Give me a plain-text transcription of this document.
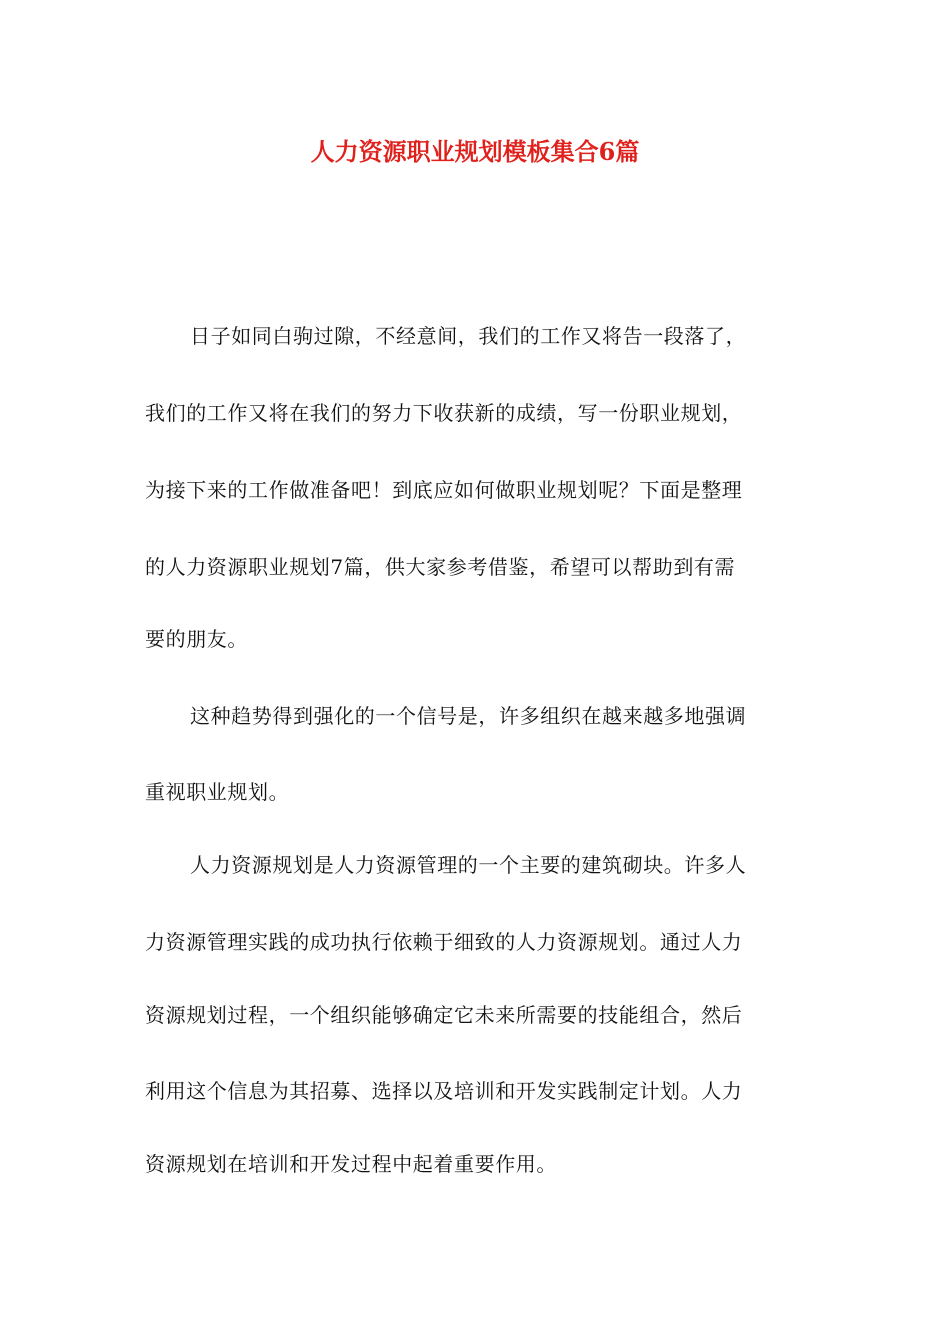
人力资源职业规划模板集合6篇
日子如同白驹过隙，不经意间，我们的工作又将告一段落了，
我们的工作又将在我们的努力下收获新的成绩，写一份职业规划，
为接下来的工作做准备吧！到底应如何做职业规划呢？下面是整理
的人力资源职业规划7篇，供大家参考借鉴，希望可以帮助到有需
要的朋友。
这种趋势得到强化的一个信号是，许多组织在越来越多地强调
重视职业规划。
人力资源规划是人力资源管理的一个主要的建筑砌块。许多人
力资源管理实践的成功执行依赖于细致的人力资源规划。通过人力
资源规划过程，一个组织能够确定它未来所需要的技能组合，然后
利用这个信息为其招募、选择以及培训和开发实践制定计划。人力
资源规划在培训和开发过程中起着重要作用。
